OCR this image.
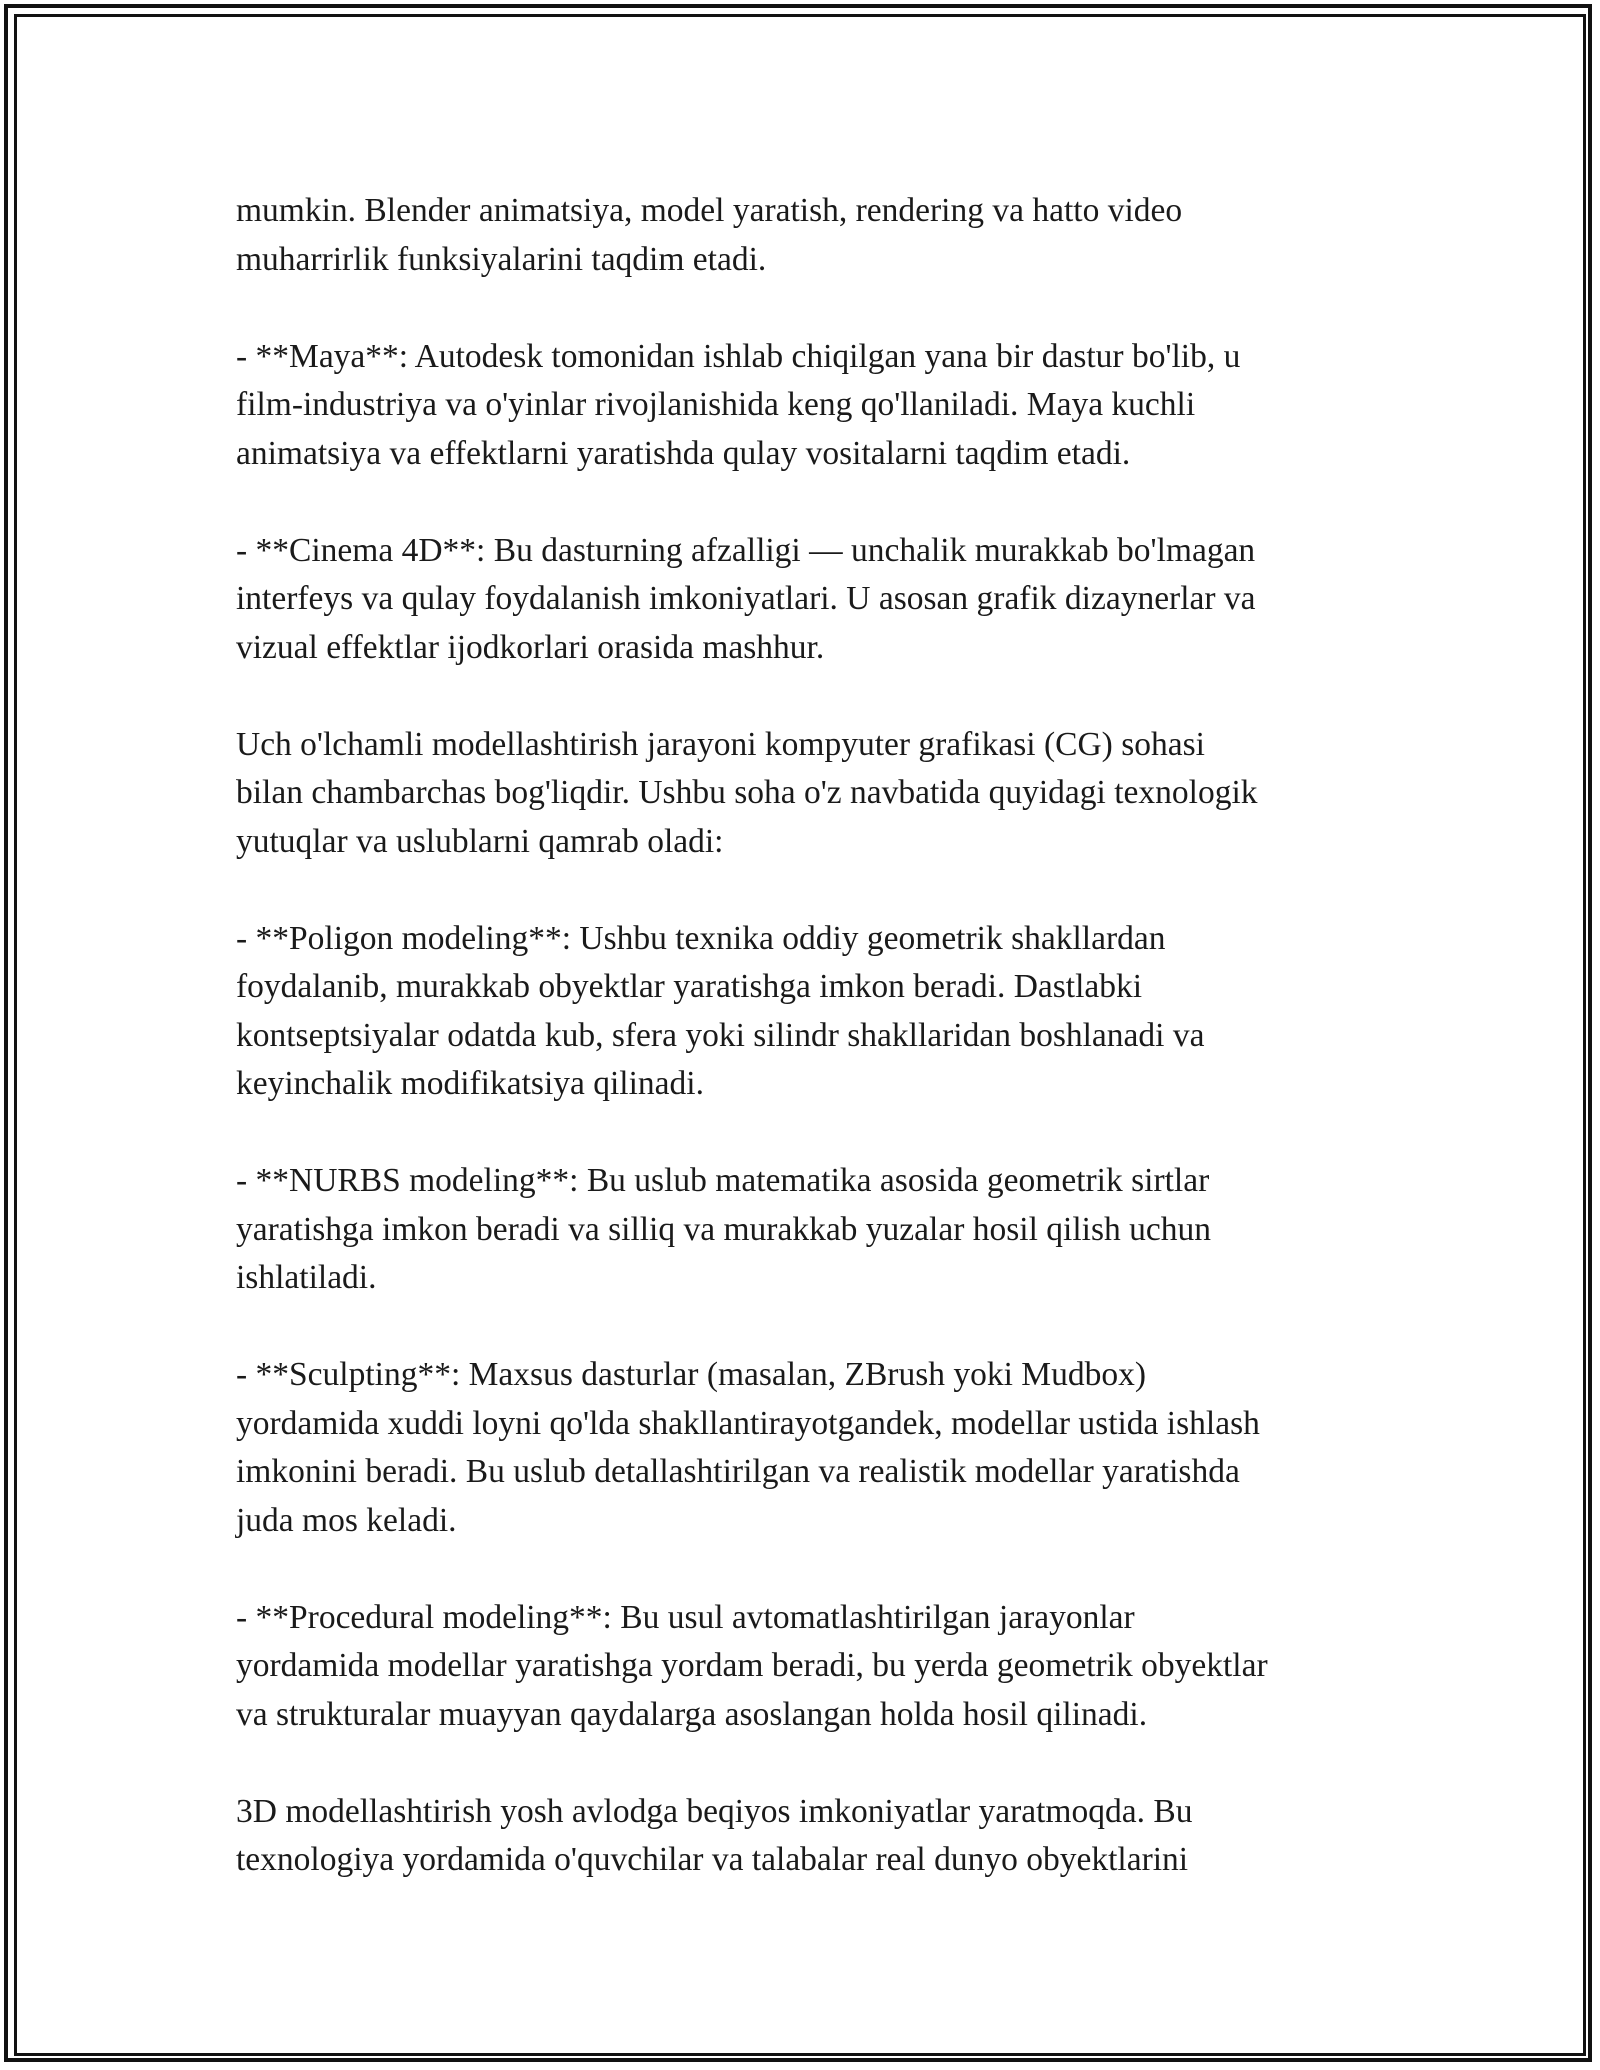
mumkin. Blender animatsiya, model yaratish, rendering va hatto video
muharrirlik funksiyalarini taqdim etadi.

- **Maya**: Autodesk tomonidan ishlab chiqilgan yana bir dastur bo'lib, u
film-industriya va o'yinlar rivojlanishida keng qo'llaniladi. Maya kuchli
animatsiya va effektlarni yaratishda qulay vositalarni taqdim etadi.

- **Cinema 4D**: Bu dasturning afzalligi — unchalik murakkab bo'lmagan
interfeys va qulay foydalanish imkoniyatlari. U asosan grafik dizaynerlar va
vizual effektlar ijodkorlari orasida mashhur.

Uch o'lchamli modellashtirish jarayoni kompyuter grafikasi (CG) sohasi
bilan chambarchas bog'liqdir. Ushbu soha o'z navbatida quyidagi texnologik
yutuqlar va uslublarni qamrab oladi:

- **Poligon modeling**: Ushbu texnika oddiy geometrik shakllardan
foydalanib, murakkab obyektlar yaratishga imkon beradi. Dastlabki
kontseptsiyalar odatda kub, sfera yoki silindr shakllaridan boshlanadi va
keyinchalik modifikatsiya qilinadi.

- **NURBS modeling**: Bu uslub matematika asosida geometrik sirtlar
yaratishga imkon beradi va silliq va murakkab yuzalar hosil qilish uchun
ishlatiladi.

- **Sculpting**: Maxsus dasturlar (masalan, ZBrush yoki Mudbox)
yordamida xuddi loyni qo'lda shakllantirayotgandek, modellar ustida ishlash
imkonini beradi. Bu uslub detallashtirilgan va realistik modellar yaratishda
juda mos keladi.

- **Procedural modeling**: Bu usul avtomatlashtirilgan jarayonlar
yordamida modellar yaratishga yordam beradi, bu yerda geometrik obyektlar
va strukturalar muayyan qaydalarga asoslangan holda hosil qilinadi.

3D modellashtirish yosh avlodga beqiyos imkoniyatlar yaratmoqda. Bu
texnologiya yordamida o'quvchilar va talabalar real dunyo obyektlarini
